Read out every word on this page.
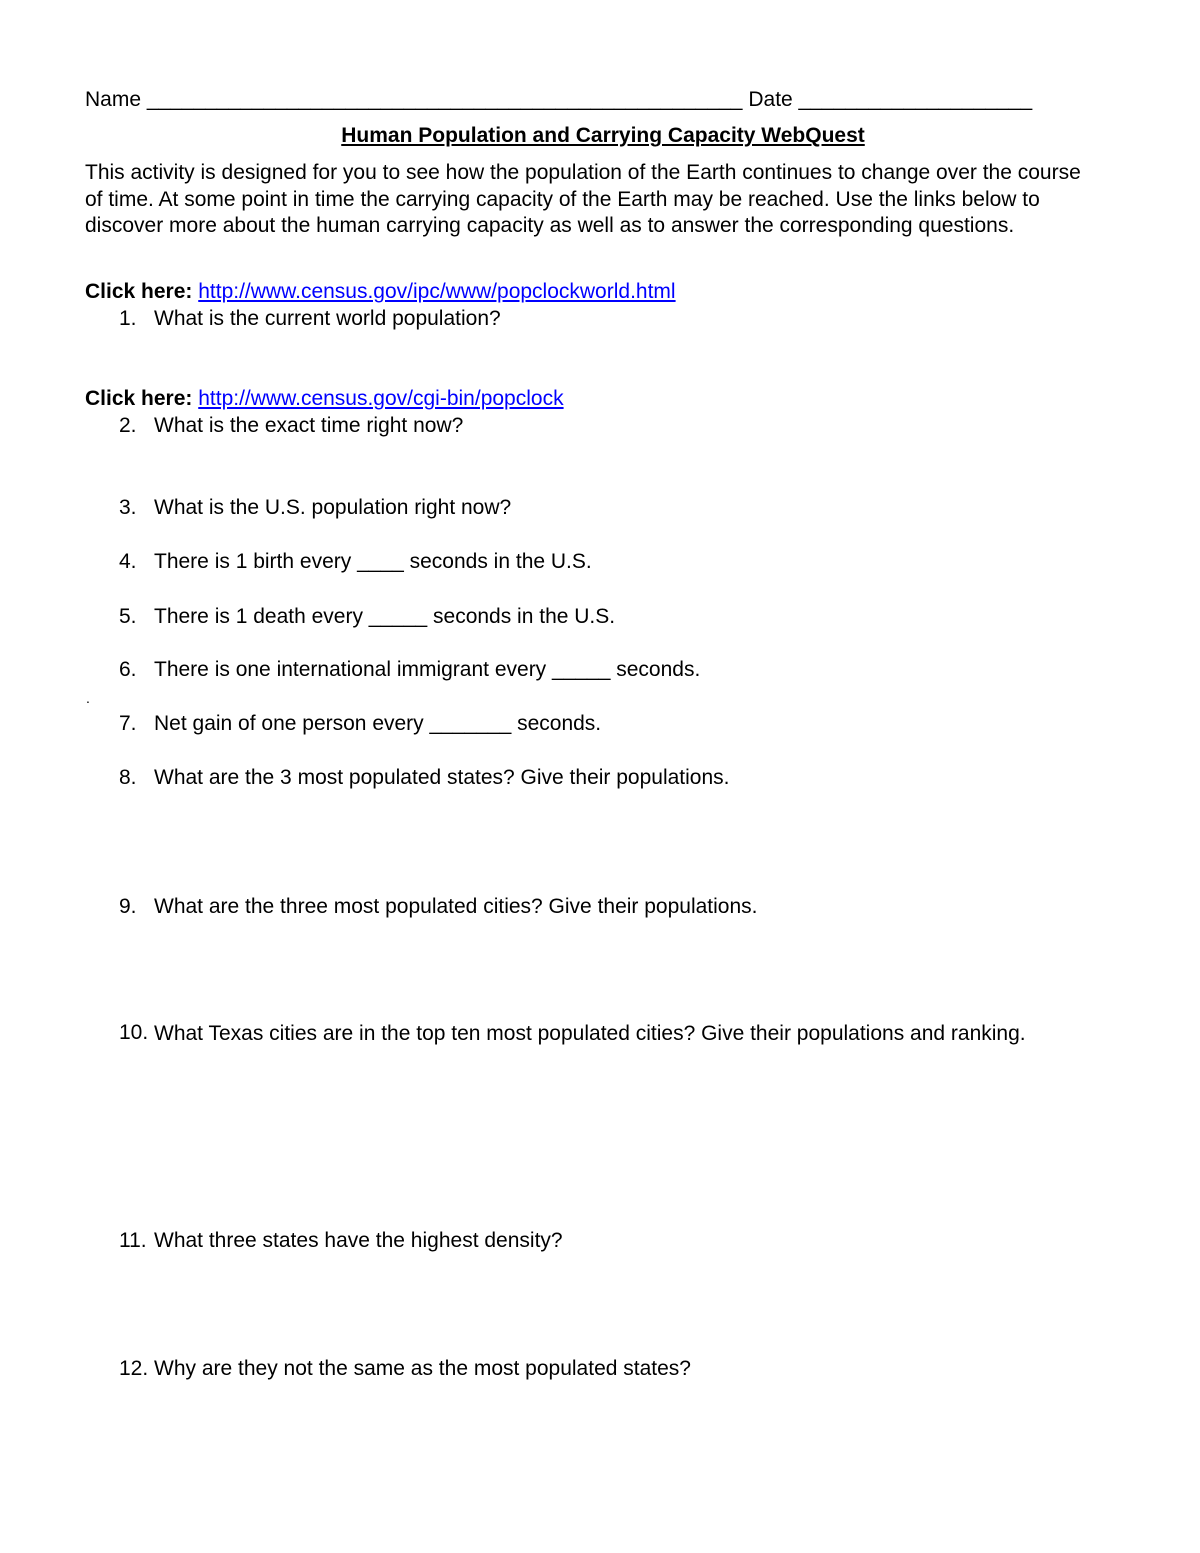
Name ___________________________________________________ Date ____________________
Human Population and Carrying Capacity WebQuest
This activity is designed for you to see how the population of the Earth continues to change over the course of time. At some point in time the carrying capacity of the Earth may be reached. Use the links below to discover more about the human carrying capacity as well as to answer the corresponding questions.
Click here: http://www.census.gov/ipc/www/popclockworld.html
1. What is the current world population?
Click here: http://www.census.gov/cgi-bin/popclock
2. What is the exact time right now?
3. What is the U.S. population right now?
4. There is 1 birth every ____ seconds in the U.S.
5. There is 1 death every _____ seconds in the U.S.
6. There is one international immigrant every _____ seconds.
.
7. Net gain of one person every _______ seconds.
8. What are the 3 most populated states? Give their populations.
9. What are the three most populated cities? Give their populations.
10. What Texas cities are in the top ten most populated cities? Give their populations and ranking.
11. What three states have the highest density?
12. Why are they not the same as the most populated states?
